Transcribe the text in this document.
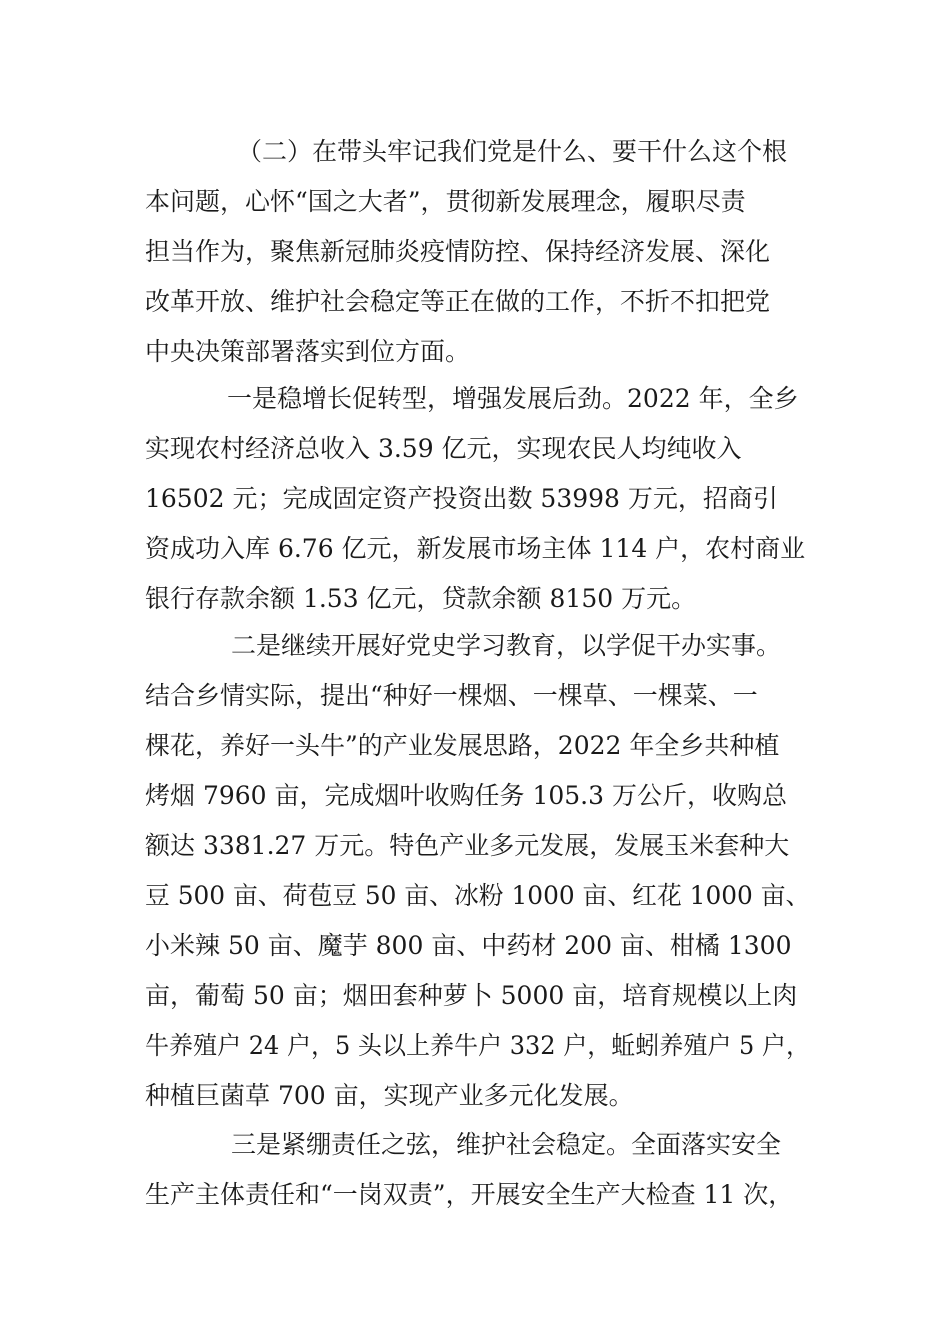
（二）在带头牢记我们党是什么、要干什么这个根
本问题，心怀“国之大者”，贯彻新发展理念，履职尽责
担当作为，聚焦新冠肺炎疫情防控、保持经济发展、深化
改革开放、维护社会稳定等正在做的工作，不折不扣把党
中央决策部署落实到位方面。
一是稳增长促转型，增强发展后劲。2022 年，全乡
实现农村经济总收入 3.59 亿元，实现农民人均纯收入
16502 元；完成固定资产投资出数 53998 万元，招商引
资成功入库 6.76 亿元，新发展市场主体 114 户，农村商业
银行存款余额 1.53 亿元，贷款余额 8150 万元。
二是继续开展好党史学习教育，以学促干办实事。
结合乡情实际，提出“种好一棵烟、一棵草、一棵菜、一
棵花，养好一头牛”的产业发展思路，2022 年全乡共种植
烤烟 7960 亩，完成烟叶收购任务 105.3 万公斤，收购总
额达 3381.27 万元。特色产业多元发展，发展玉米套种大
豆 500 亩、荷苞豆 50 亩、冰粉 1000 亩、红花 1000 亩、
小米辣 50 亩、魔芋 800 亩、中药材 200 亩、柑橘 1300
亩，葡萄 50 亩；烟田套种萝卜 5000 亩，培育规模以上肉
牛养殖户 24 户，5 头以上养牛户 332 户，蚯蚓养殖户 5 户，
种植巨菌草 700 亩，实现产业多元化发展。
三是紧绷责任之弦，维护社会稳定。全面落实安全
生产主体责任和“一岗双责”，开展安全生产大检查 11 次，
